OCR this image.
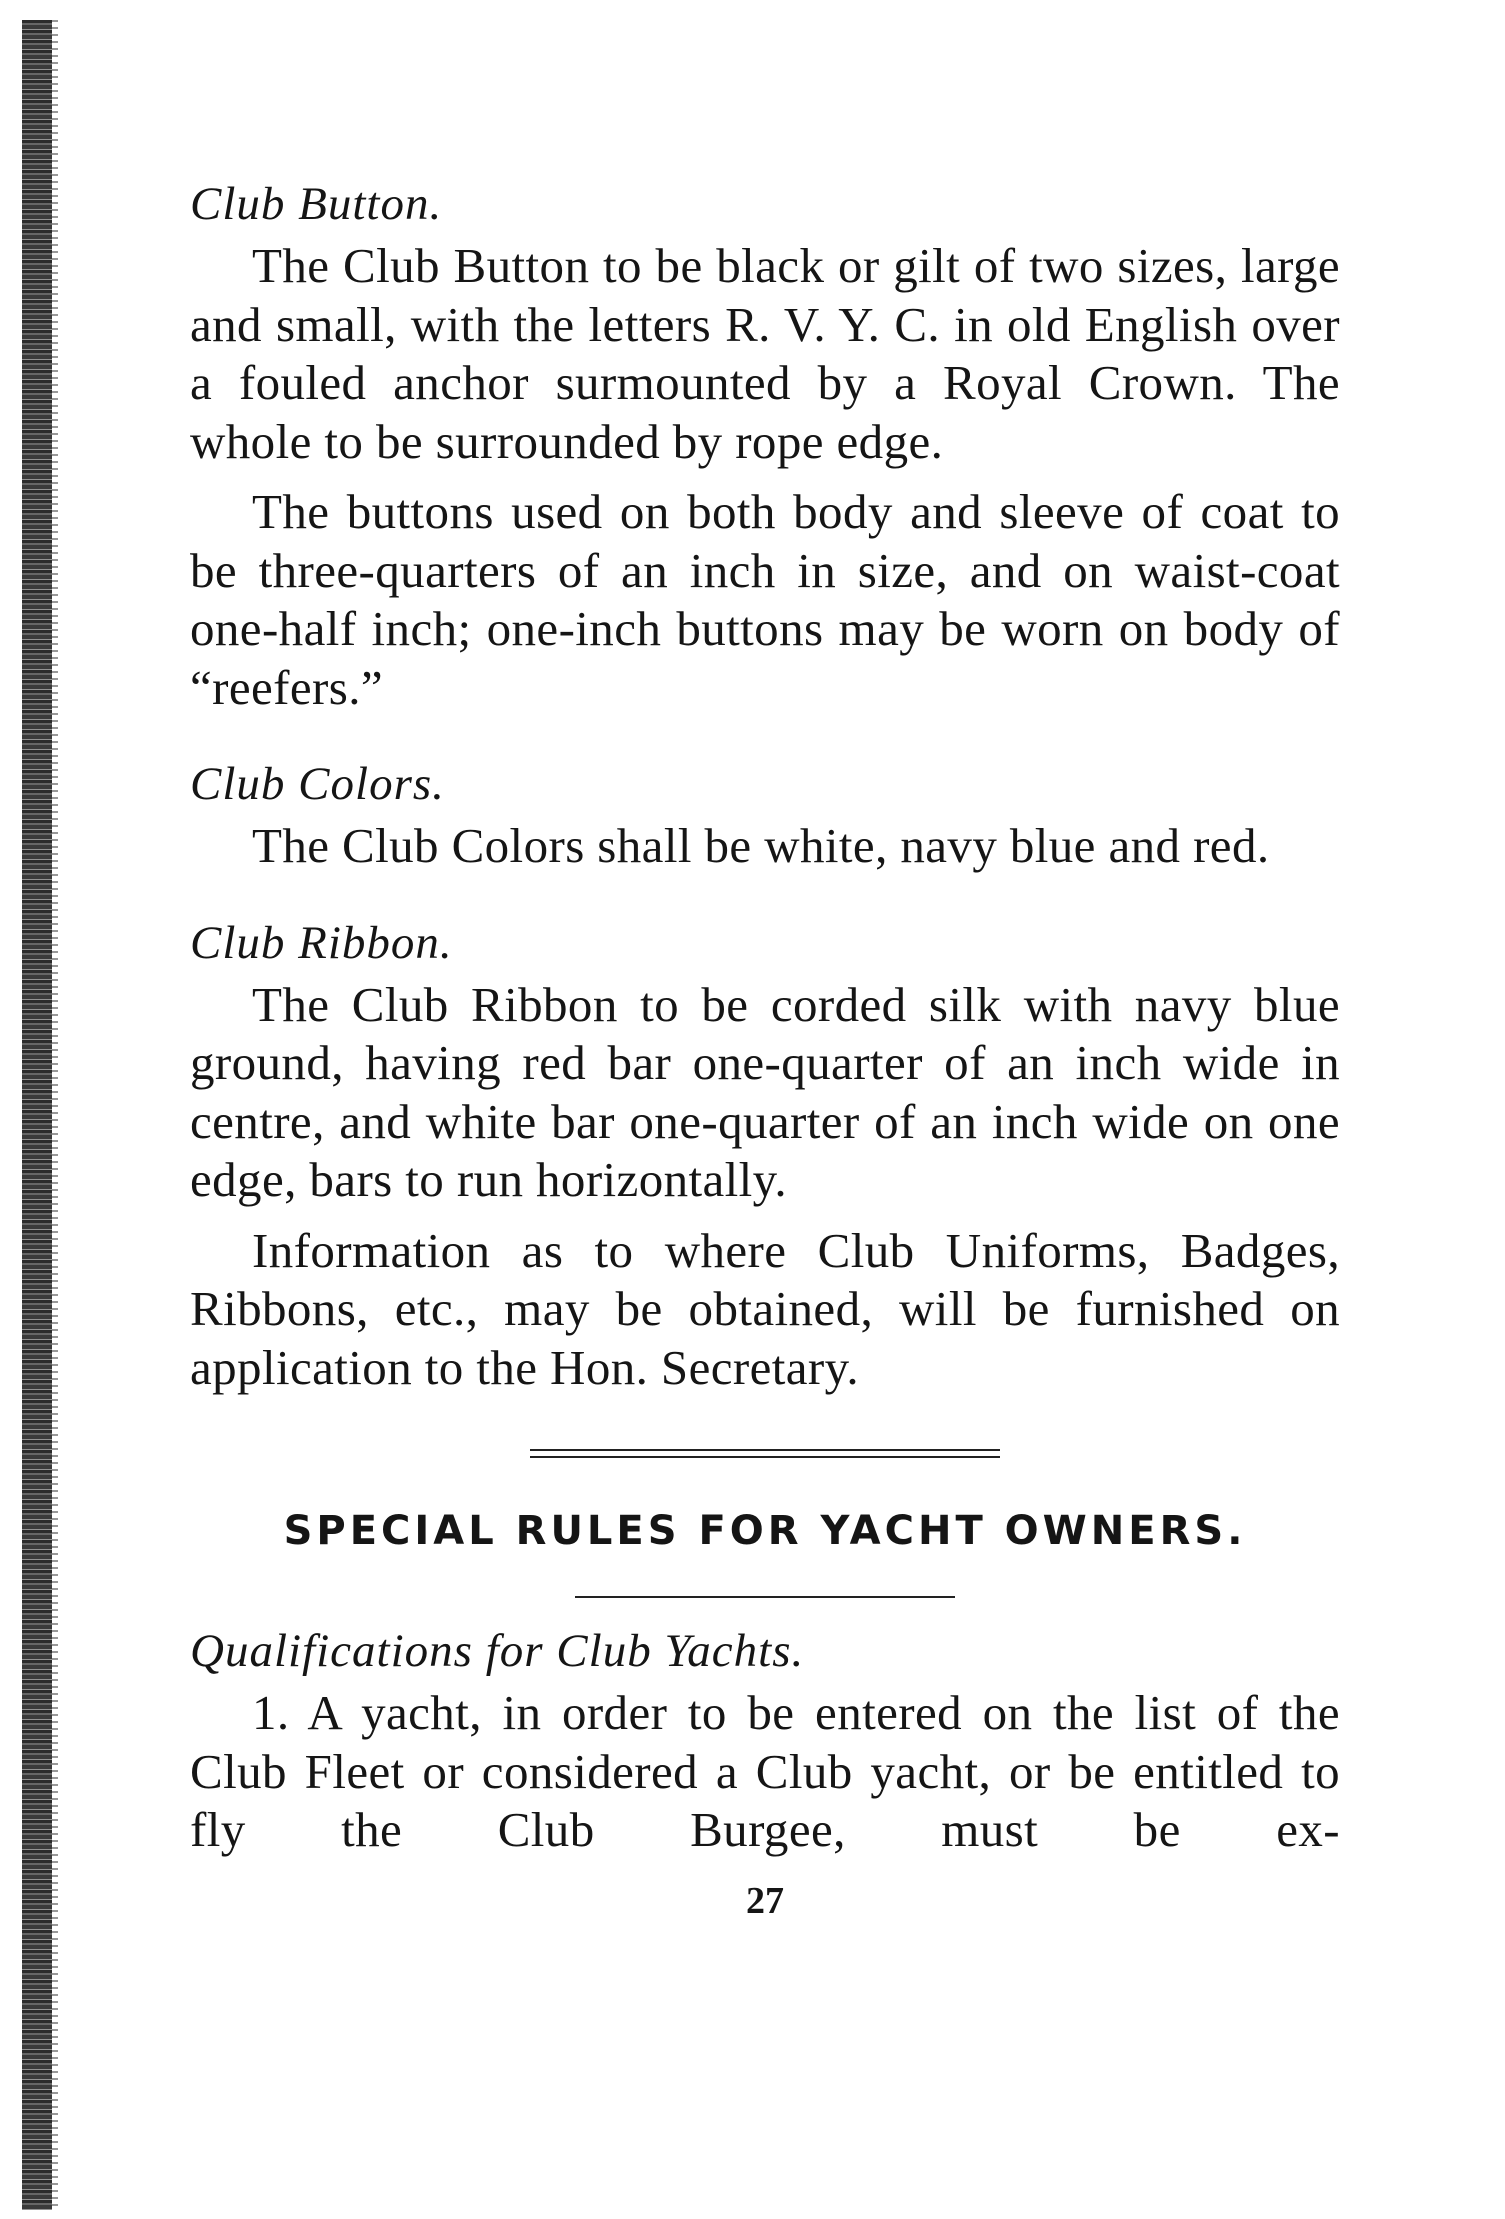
Club Button.

The Club Button to be black or gilt of two sizes, large and small, with the letters R. V. Y. C. in old English over a fouled anchor surmounted by a Royal Crown. The whole to be surrounded by rope edge.

The buttons used on both body and sleeve of coat to be three-quarters of an inch in size, and on waist-coat one-half inch; one-inch buttons may be worn on body of “reefers.”

Club Colors.

The Club Colors shall be white, navy blue and red.

Club Ribbon.

The Club Ribbon to be corded silk with navy blue ground, having red bar one-quarter of an inch wide in centre, and white bar one-quarter of an inch wide on one edge, bars to run horizontally.

Information as to where Club Uniforms, Badges, Ribbons, etc., may be obtained, will be furnished on application to the Hon. Secretary.

SPECIAL RULES FOR YACHT OWNERS.
Qualifications for Club Yachts.

1. A yacht, in order to be entered on the list of the Club Fleet or considered a Club yacht, or be entitled to fly the Club Burgee, must be ex-

27
